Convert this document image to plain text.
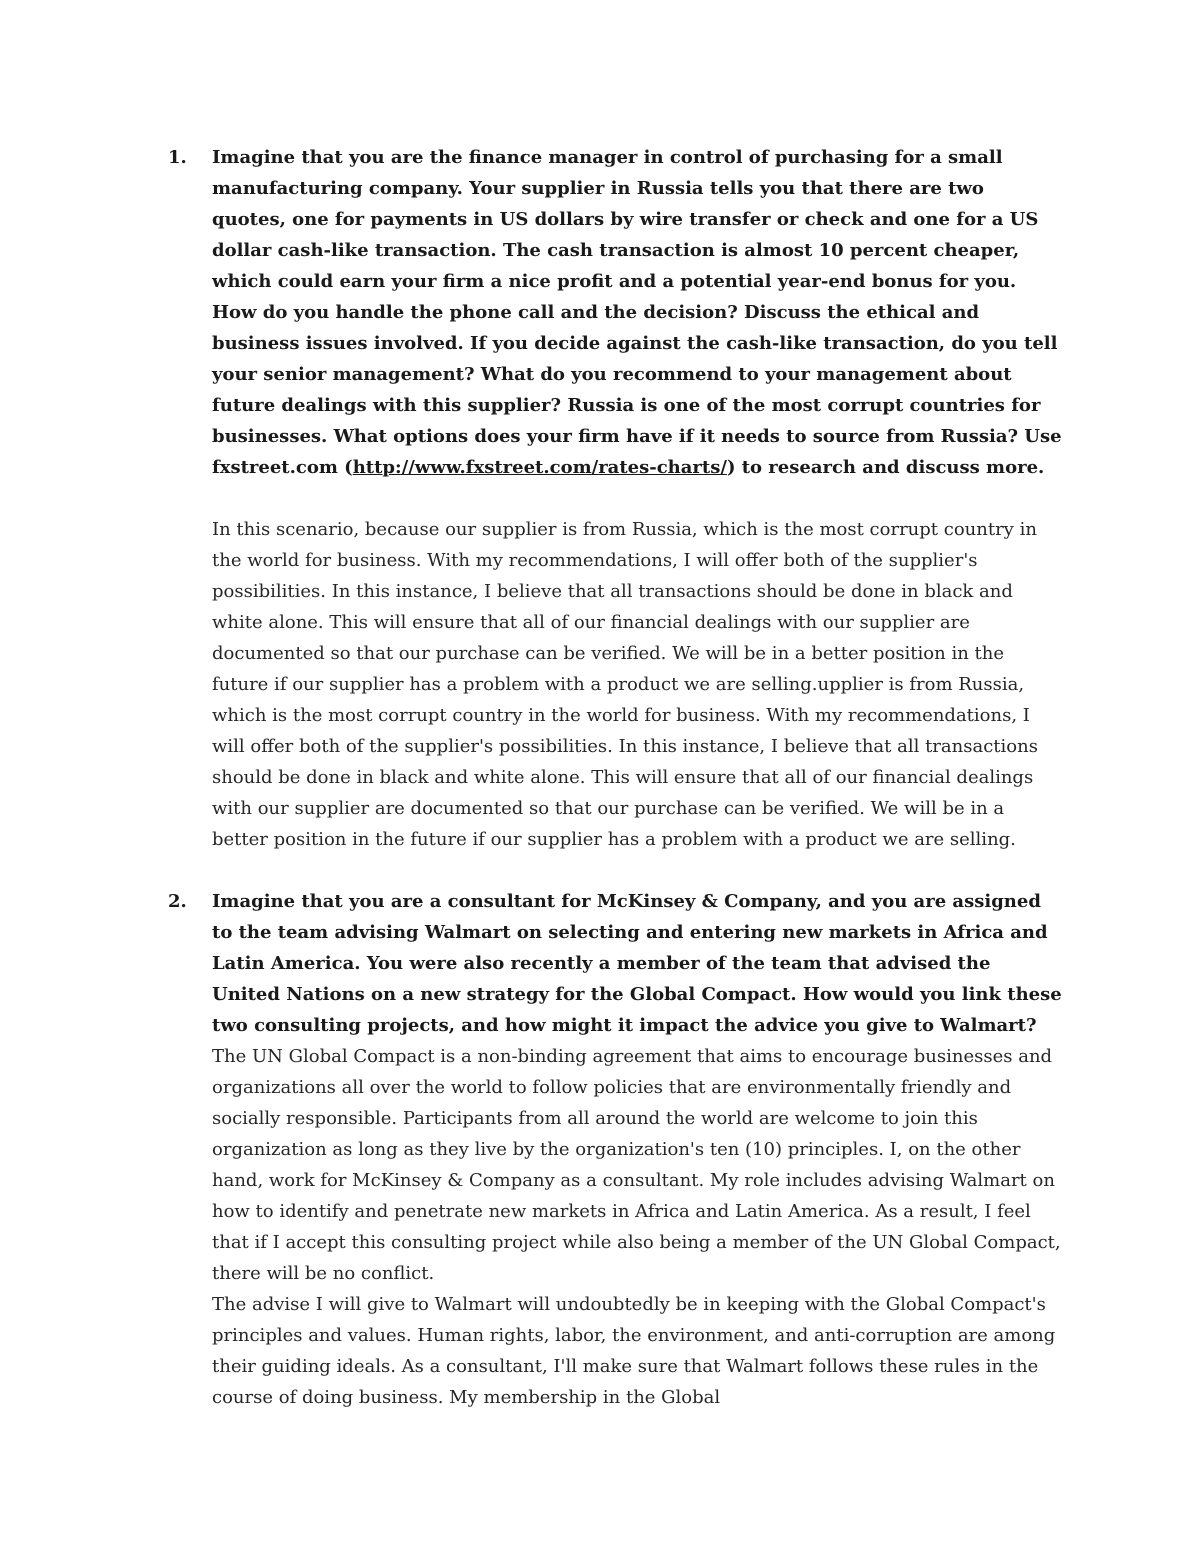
1.	Imagine that you are the finance manager in control of purchasing for a small manufacturing company. Your supplier in Russia tells you that there are two quotes, one for payments in US dollars by wire transfer or check and one for a US dollar cash-like transaction. The cash transaction is almost 10 percent cheaper, which could earn your firm a nice profit and a potential year-end bonus for you. How do you handle the phone call and the decision? Discuss the ethical and business issues involved. If you decide against the cash-like transaction, do you tell your senior management? What do you recommend to your management about future dealings with this supplier? Russia is one of the most corrupt countries for businesses. What options does your firm have if it needs to source from Russia? Use fxstreet.com (http://www.fxstreet.com/rates-charts/) to research and discuss more.

In this scenario, because our supplier is from Russia, which is the most corrupt country in the world for business. With my recommendations, I will offer both of the supplier's possibilities. In this instance, I believe that all transactions should be done in black and white alone. This will ensure that all of our financial dealings with our supplier are documented so that our purchase can be verified. We will be in a better position in the future if our supplier has a problem with a product we are selling.upplier is from Russia, which is the most corrupt country in the world for business. With my recommendations, I will offer both of the supplier's possibilities. In this instance, I believe that all transactions should be done in black and white alone. This will ensure that all of our financial dealings with our supplier are documented so that our purchase can be verified. We will be in a better position in the future if our supplier has a problem with a product we are selling.

2.	Imagine that you are a consultant for McKinsey & Company, and you are assigned to the team advising Walmart on selecting and entering new markets in Africa and Latin America. You were also recently a member of the team that advised the United Nations on a new strategy for the Global Compact. How would you link these two consulting projects, and how might it impact the advice you give to Walmart?

The UN Global Compact is a non-binding agreement that aims to encourage businesses and organizations all over the world to follow policies that are environmentally friendly and socially responsible. Participants from all around the world are welcome to join this organization as long as they live by the organization's ten (10) principles. I, on the other hand, work for McKinsey & Company as a consultant. My role includes advising Walmart on how to identify and penetrate new markets in Africa and Latin America. As a result, I feel that if I accept this consulting project while also being a member of the UN Global Compact, there will be no conflict.

The advise I will give to Walmart will undoubtedly be in keeping with the Global Compact's principles and values. Human rights, labor, the environment, and anti-corruption are among their guiding ideals. As a consultant, I'll make sure that Walmart follows these rules in the course of doing business. My membership in the Global
